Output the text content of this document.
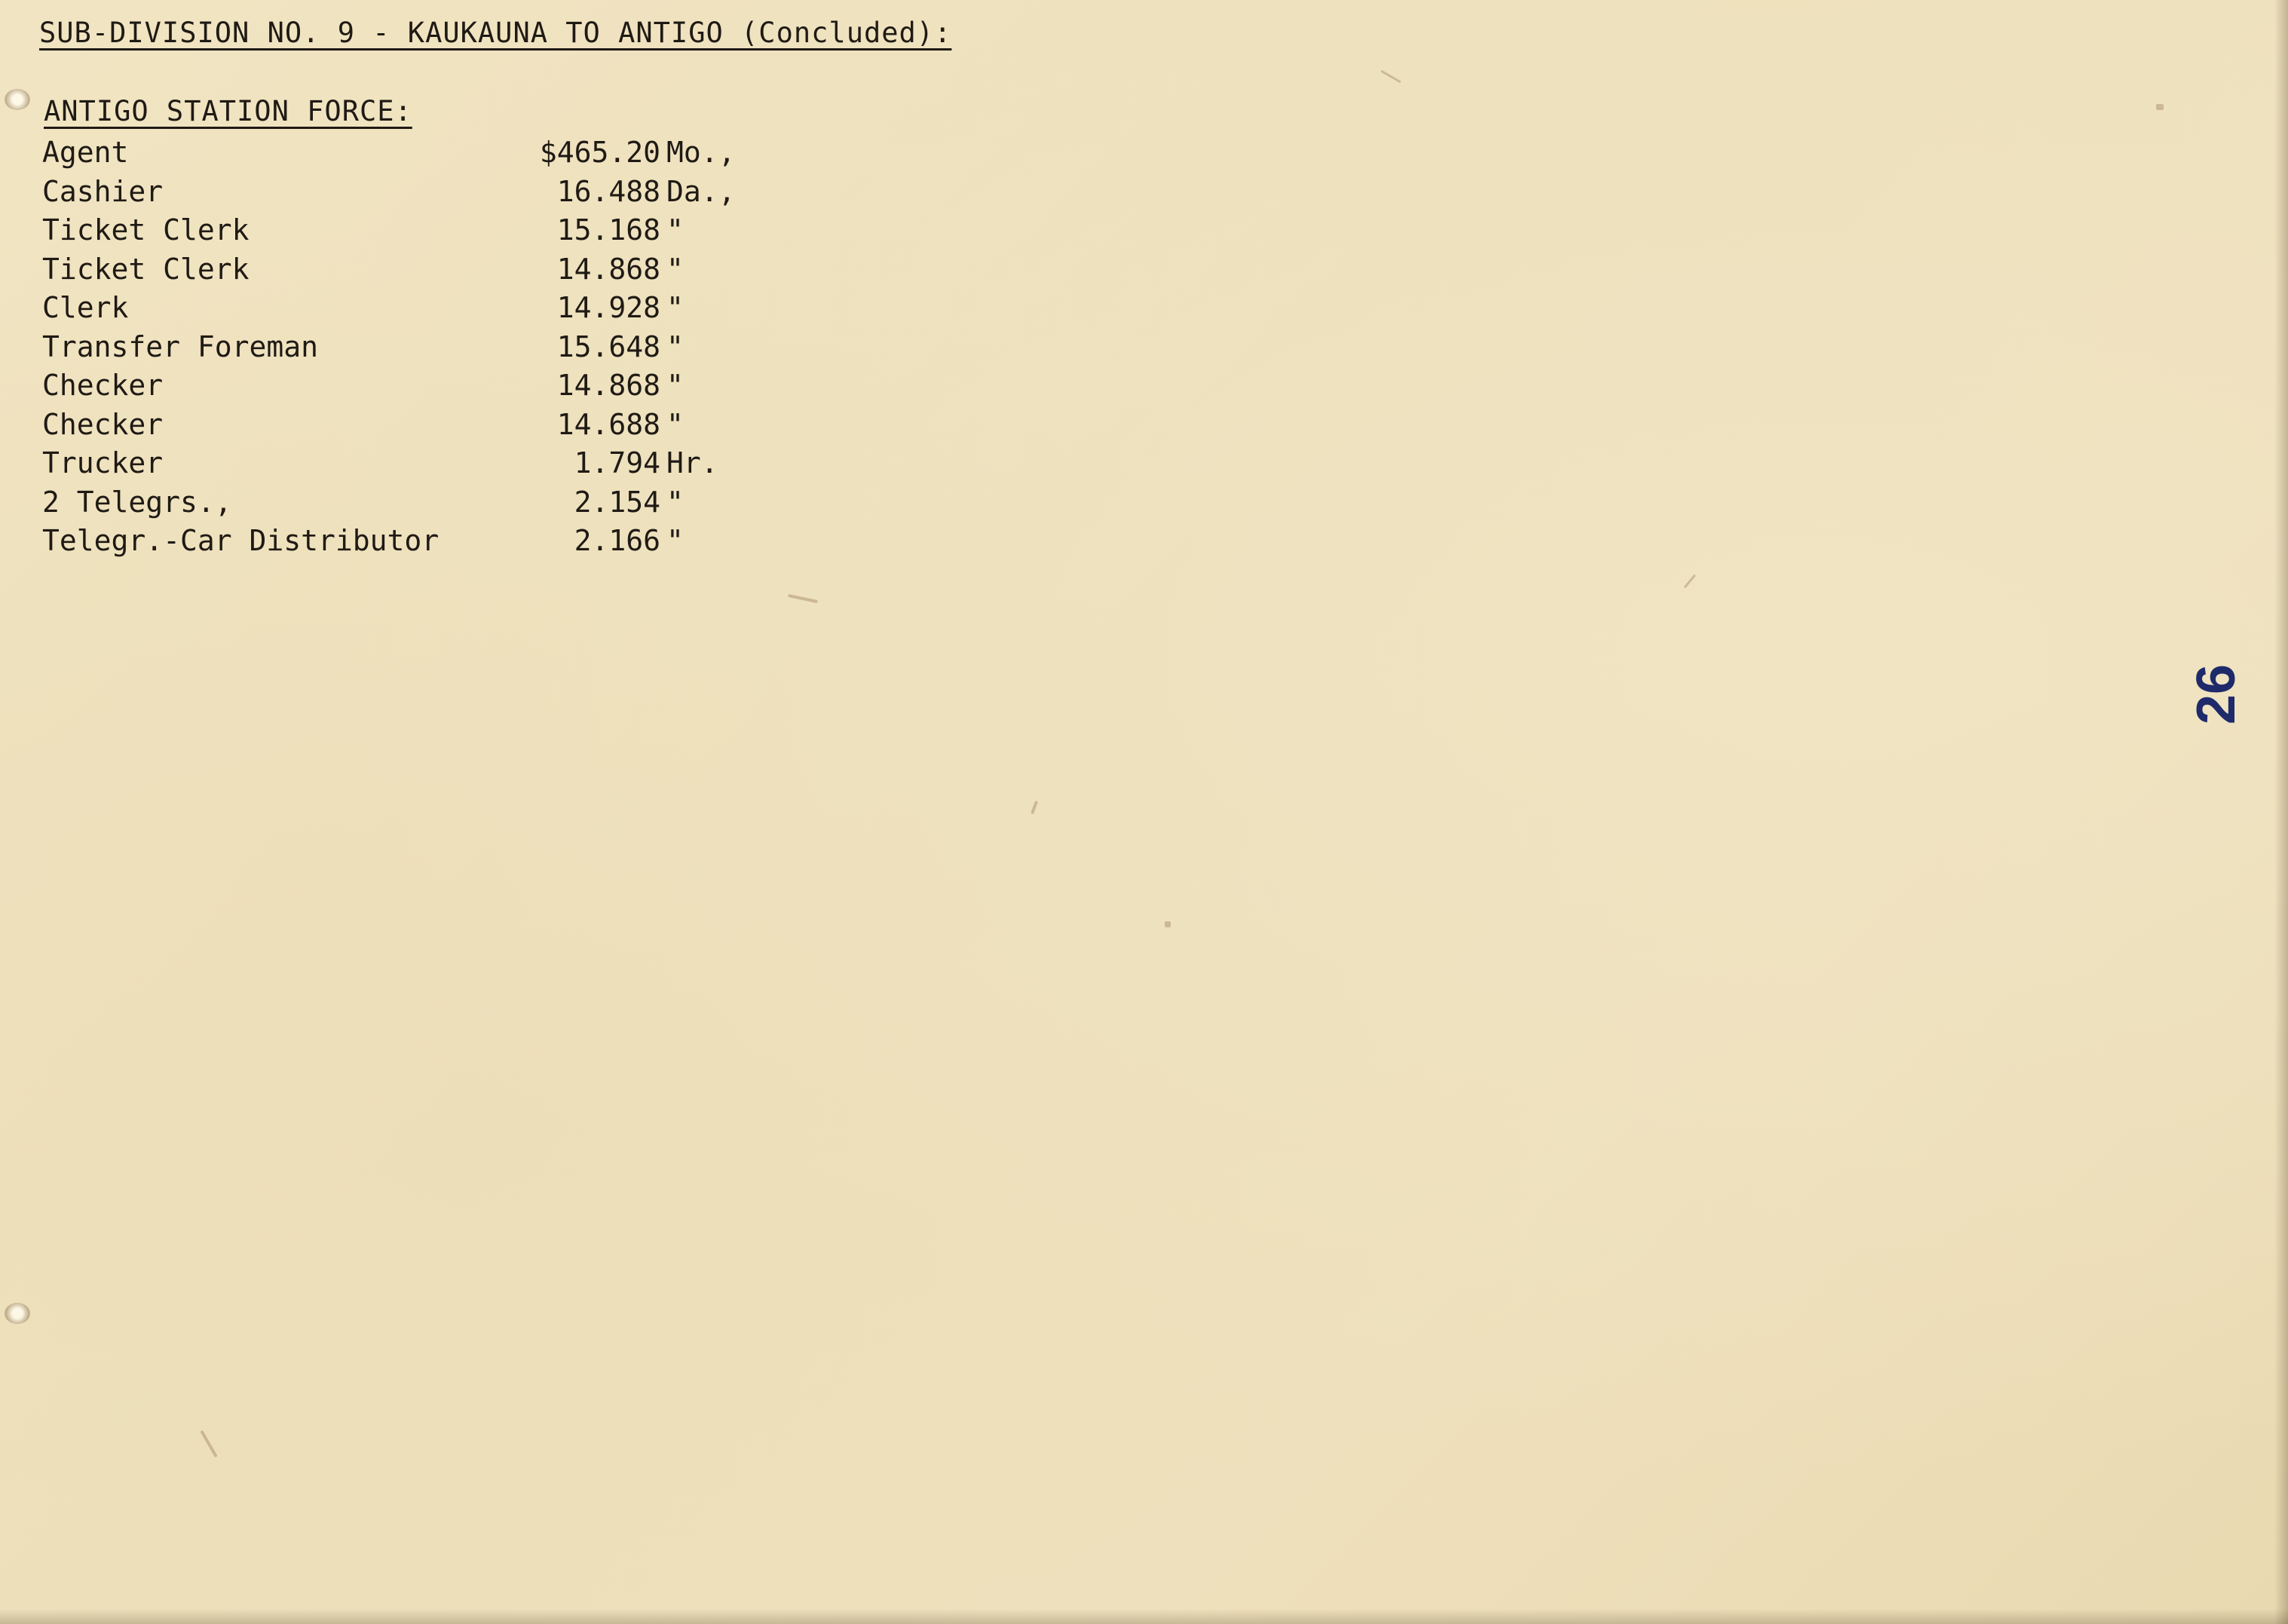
SUB-DIVISION NO. 9 - KAUKAUNA TO ANTIGO (Concluded):
ANTIGO STATION FORCE:
Agent	$465.20 Mo.,
Cashier	16.488 Da.,
Ticket Clerk	15.168 "
Ticket Clerk	14.868 "
Clerk	14.928 "
Transfer Foreman	15.648 "
Checker	14.868 "
Checker	14.688 "
Trucker	1.794 Hr.
2 Telegrs.,	2.154 "
Telegr.-Car Distributor	2.166 "
26
